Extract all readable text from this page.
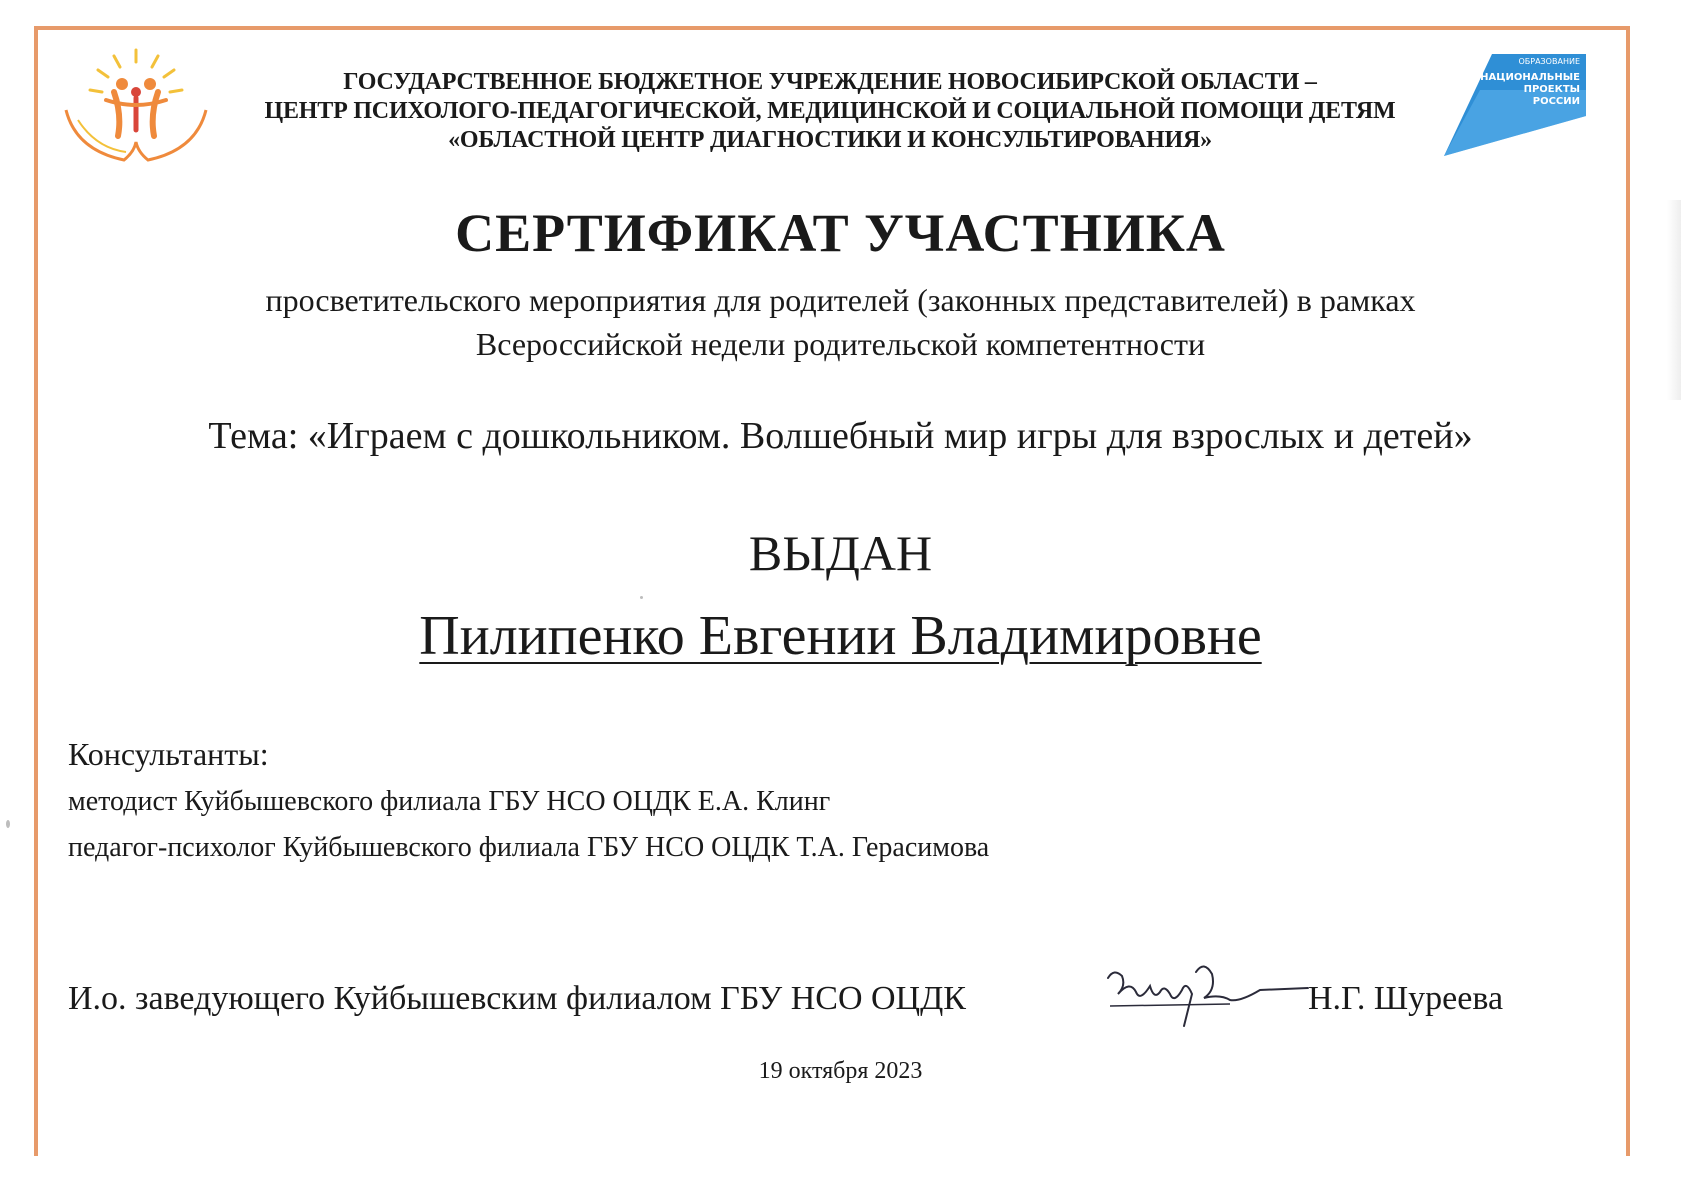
ОБРАЗОВАНИЕ
НАЦИОНАЛЬНЫЕ
ПРОЕКТЫ
РОССИИ
ГОСУДАРСТВЕННОЕ БЮДЖЕТНОЕ УЧРЕЖДЕНИЕ НОВОСИБИРСКОЙ ОБЛАСТИ –
ЦЕНТР ПСИХОЛОГО-ПЕДАГОГИЧЕСКОЙ, МЕДИЦИНСКОЙ И СОЦИАЛЬНОЙ ПОМОЩИ ДЕТЯМ
«ОБЛАСТНОЙ ЦЕНТР ДИАГНОСТИКИ И КОНСУЛЬТИРОВАНИЯ»
СЕРТИФИКАТ УЧАСТНИКА
просветительского мероприятия для родителей (законных представителей) в рамках
Всероссийской недели родительской компетентности
Тема: «Играем с дошкольником. Волшебный мир игры для взрослых и детей»
ВЫДАН
Пилипенко Евгении Владимировне
Консультанты:
методист Куйбышевского филиала ГБУ НСО ОЦДК Е.А. Клинг
педагог-психолог Куйбышевского филиала ГБУ НСО ОЦДК Т.А. Герасимова
И.о. заведующего Куйбышевским филиалом ГБУ НСО ОЦДК	Н.Г. Шуреева
19 октября 2023
